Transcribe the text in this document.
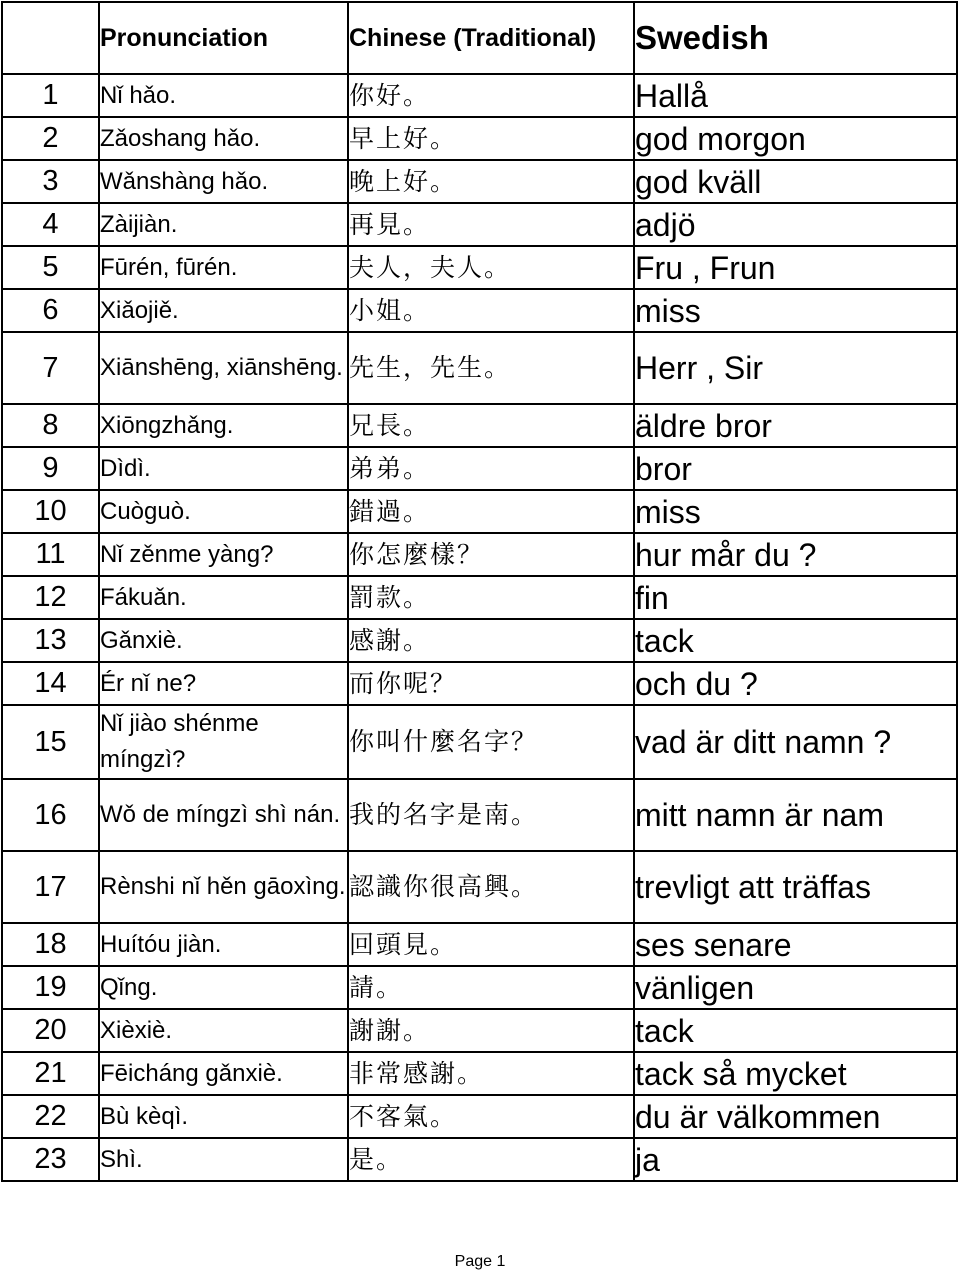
	Pronunciation	Chinese (Traditional)	Swedish
1	Nǐ hǎo.	你好。	Hallå
2	Zǎoshang hǎo.	早上好。	god morgon
3	Wǎnshàng hǎo.	晚上好。	god kväll
4	Zàijiàn.	再見。	adjö
5	Fūrén, fūrén.	夫人，夫人。	Fru , Frun
6	Xiǎojiě.	小姐。	miss
7	Xiānshēng, xiānshēng.	先生，先生。	Herr , Sir
8	Xiōngzhǎng.	兄長。	äldre bror
9	Dìdì.	弟弟。	bror
10	Cuòguò.	錯過。	miss
11	Nǐ zěnme yàng?	你怎麼樣？	hur mår du ?
12	Fákuǎn.	罰款。	fin
13	Gǎnxiè.	感謝。	tack
14	Ér nǐ ne?	而你呢？	och du ?
15	Nǐ jiào shénme míngzì?	你叫什麼名字？	vad är ditt namn ?
16	Wǒ de míngzì shì nán.	我的名字是南。	mitt namn är nam
17	Rènshi nǐ hěn gāoxìng.	認識你很高興。	trevligt att träffas
18	Huítóu jiàn.	回頭見。	ses senare
19	Qǐng.	請。	vänligen
20	Xièxiè.	謝謝。	tack
21	Fēicháng gǎnxiè.	非常感謝。	tack så mycket
22	Bù kèqì.	不客氣。	du är välkommen
23	Shì.	是。	ja
Page 1
